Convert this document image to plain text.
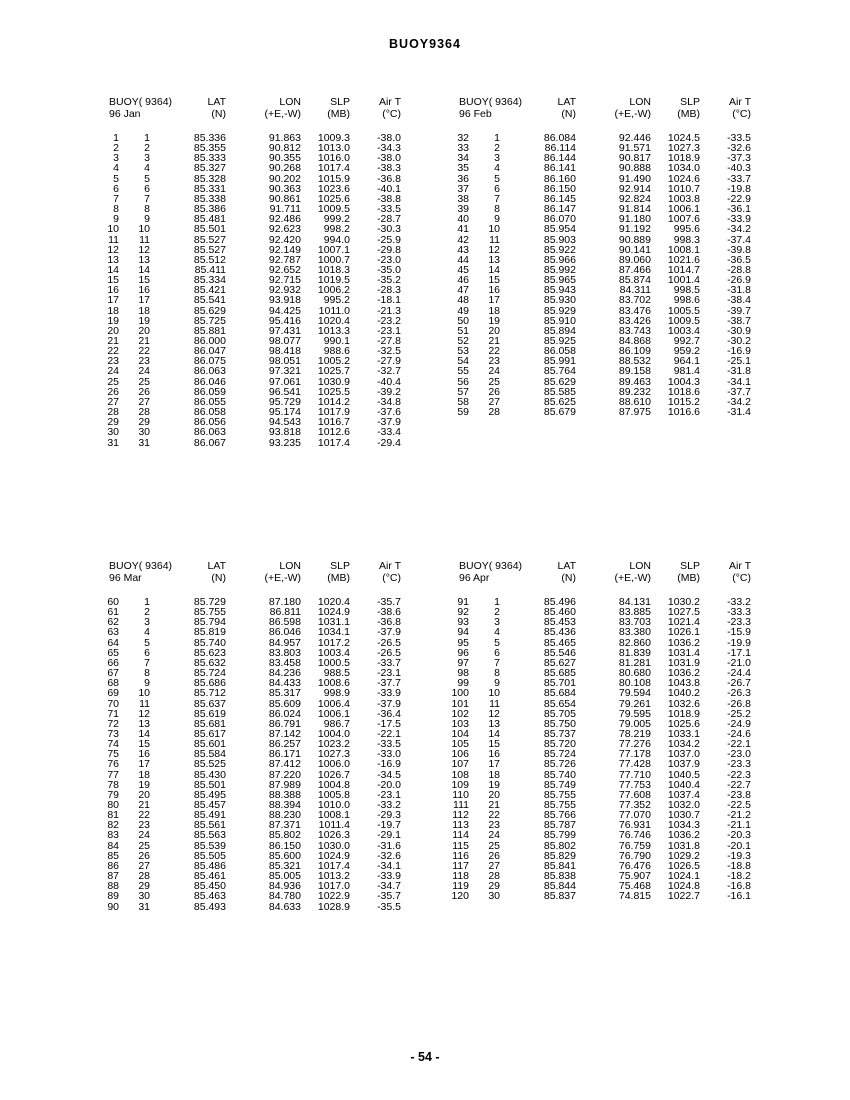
BUOY9364
BUOY( 9364)	LAT	LON	SLP	Air T
96 Jan	(N)	(+E,-W)	(MB)	(°C)
1 1	85.336	91.863 1009.3	-38.0
2 2	85.355	90.812 1013.0	-34.3
3 3	85.333	90.355 1016.0	-38.0
4 4	85.327	90.268 1017.4	-38.3
5 5	85.328	90.202 1015.9	-36.8
6 6	85.331	90.363 1023.6	-40.1
7 7	85.338	90.861 1025.6	-38.8
8 8	85.386	91.711 1009.5	-33.5
9 9	85.481	92.486 999.2	-28.7
10 10	85.501	92.623 998.2	-30.3
11 11	85.527	92.420 994.0	-25.9
12 12	85.527	92.149 1007.1	-29.8
13 13	85.512	92.787 1000.7	-23.0
14 14	85.411	92.652 1018.3	-35.0
15 15	85.334	92.715 1019.5	-35.2
16 16	85.421	92.932 1006.2	-28.3
17 17	85.541	93.918 995.2	-18.1
18 18	85.629	94.425 1011.0	-21.3
19 19	85.725	95.416 1020.4	-23.2
20 20	85.881	97.431 1013.3	-23.1
21 21	86.000	98.077 990.1	-27.8
22 22	86.047	98.418 988.6	-32.5
23 23	86.075	98.051 1005.2	-27.9
24 24	86.063	97.321 1025.7	-32.7
25 25	86.046	97.061 1030.9	-40.4
26 26	86.059	96.541 1025.5	-39.2
27 27	86.055	95.729 1014.2	-34.8
28 28	86.058	95.174 1017.9	-37.6
29 29	86.056	94.543 1016.7	-37.9
30 30	86.063	93.818 1012.6	-33.4
31 31	86.067	93.235 1017.4	-29.4
BUOY( 9364)	LAT	LON	SLP	Air T
96 Feb	(N)	(+E,-W)	(MB)	(°C)
32 1	86.084	92.446 1024.5	-33.5
33 2	86.114	91.571 1027.3	-32.6
34 3	86.144	90.817 1018.9	-37.3
35 4	86.141	90.888 1034.0	-40.3
36 5	86.160	91.490 1024.6	-33.7
37 6	86.150	92.914 1010.7	-19.8
38 7	86.145	92.824 1003.8	-22.9
39 8	86.147	91.814 1006.1	-36.1
40 9	86.070	91.180 1007.6	-33.9
41 10	85.954	91.192 995.6	-34.2
42 11	85.903	90.889 998.3	-37.4
43 12	85.922	90.141 1008.1	-39.8
44 13	85.966	89.060 1021.6	-36.5
45 14	85.992	87.466 1014.7	-28.8
46 15	85.965	85.874 1001.4	-26.9
47 16	85.943	84.311 998.5	-31.8
48 17	85.930	83.702 998.6	-38.4
49 18	85.929	83.476 1005.5	-39.7
50 19	85.910	83.426 1009.5	-38.7
51 20	85.894	83.743 1003.4	-30.9
52 21	85.925	84.868 992.7	-30.2
53 22	86.058	86.109 959.2	-16.9
54 23	85.991	88.532 964.1	-25.1
55 24	85.764	89.158 981.4	-31.8
56 25	85.629	89.463 1004.3	-34.1
57 26	85.585	89.232 1018.6	-37.7
58 27	85.625	88.610 1015.2	-34.2
59 28	85.679	87.975 1016.6	-31.4
BUOY( 9364)	LAT	LON	SLP	Air T
96 Mar	(N)	(+E,-W)	(MB)	(°C)
60 1	85.729	87.180 1020.4	-35.7
61 2	85.755	86.811 1024.9	-38.6
62 3	85.794	86.598 1031.1	-36.8
63 4	85.819	86.046 1034.1	-37.9
64 5	85.740	84.957 1017.2	-26.5
65 6	85.623	83.803 1003.4	-26.5
66 7	85.632	83.458 1000.5	-33.7
67 8	85.724	84.236 988.5	-23.1
68 9	85.686	84.433 1008.6	-37.7
69 10	85.712	85.317 998.9	-33.9
70 11	85.637	85.609 1006.4	-37.9
71 12	85.619	86.024 1006.1	-36.4
72 13	85.681	86.791 986.7	-17.5
73 14	85.617	87.142 1004.0	-22.1
74 15	85.601	86.257 1023.2	-33.5
75 16	85.584	86.171 1027.3	-33.0
76 17	85.525	87.412 1006.0	-16.9
77 18	85.430	87.220 1026.7	-34.5
78 19	85.501	87.989 1004.8	-20.0
79 20	85.495	88.388 1005.8	-23.1
80 21	85.457	88.394 1010.0	-33.2
81 22	85.491	88.230 1008.1	-29.3
82 23	85.561	87.371 1011.4	-19.7
83 24	85.563	85.802 1026.3	-29.1
84 25	85.539	86.150 1030.0	-31.6
85 26	85.505	85.600 1024.9	-32.6
86 27	85.486	85.321 1017.4	-34.1
87 28	85.461	85.005 1013.2	-33.9
88 29	85.450	84.936 1017.0	-34.7
89 30	85.463	84.780 1022.9	-35.7
90 31	85.493	84.633 1028.9	-35.5
BUOY( 9364)	LAT	LON	SLP	Air T
96 Apr	(N)	(+E,-W)	(MB)	(°C)
91 1	85.496	84.131 1030.2	-33.2
92 2	85.460	83.885 1027.5	-33.3
93 3	85.453	83.703 1021.4	-23.3
94 4	85.436	83.380 1026.1	-15.9
95 5	85.465	82.860 1036.2	-19.9
96 6	85.546	81.839 1031.4	-17.1
97 7	85.627	81.281 1031.9	-21.0
98 8	85.685	80.680 1036.2	-24.4
99 9	85.701	80.108 1043.8	-26.7
100 10	85.684	79.594 1040.2	-26.3
101 11	85.654	79.261 1032.6	-26.8
102 12	85.705	79.595 1018.9	-25.2
103 13	85.750	79.005 1025.6	-24.9
104 14	85.737	78.219 1033.1	-24.6
105 15	85.720	77.276 1034.2	-22.1
106 16	85.724	77.178 1037.0	-23.0
107 17	85.726	77.428 1037.9	-23.3
108 18	85.740	77.710 1040.5	-22.3
109 19	85.749	77.753 1040.4	-22.7
110 20	85.755	77.608 1037.4	-23.8
111 21	85.755	77.352 1032.0	-22.5
112 22	85.766	77.070 1030.7	-21.2
113 23	85.787	76.931 1034.3	-21.1
114 24	85.799	76.746 1036.2	-20.3
115 25	85.802	76.759 1031.8	-20.1
116 26	85.829	76.790 1029.2	-19.3
117 27	85.841	76.476 1026.5	-18.8
118 28	85.838	75.907 1024.1	-18.2
119 29	85.844	75.468 1024.8	-16.8
120 30	85.837	74.815 1022.7	-16.1
- 54 -
